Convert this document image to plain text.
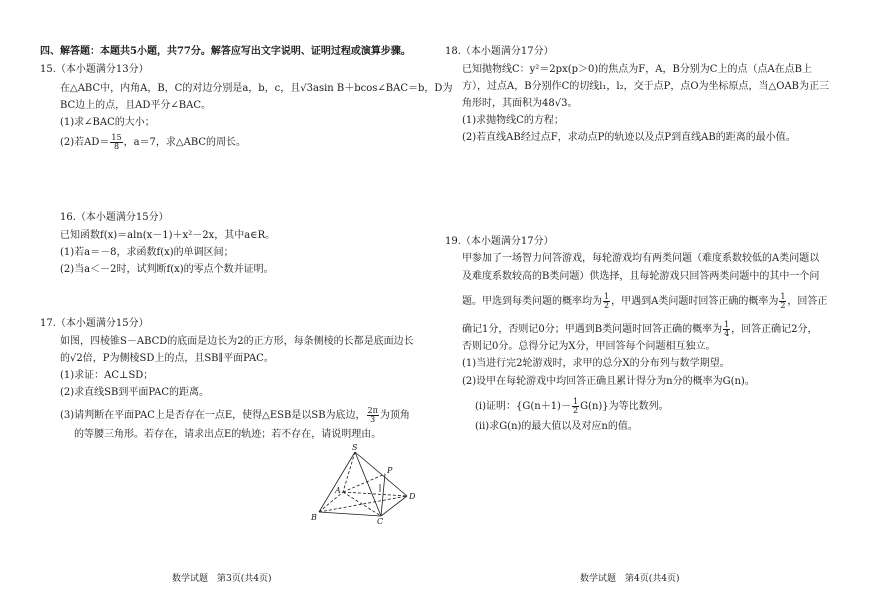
四、解答题：本题共5小题，共77分。解答应写出文字说明、证明过程或演算步骤。
15.（本小题满分13分）
在△ABC中，内角A，B，C的对边分别是a，b，c，且√3asin B＋bcos∠BAC＝b，D为
BC边上的点，且AD平分∠BAC。
(1)求∠BAC的大小；
(2)若$AD= \frac{15}{8}$ ，a＝7，求△ABC的周长。
16.（本小题满分15分）
已知函数f(x)＝aln(x－1)＋x²－2x，其中a∈R。
(1)若a＝－8，求函数f(x)的单调区间；
(2)当a＜－2时，试判断f(x)的零点个数并证明。
17.（本小题满分15分）
如图，四棱锥S－ABCD的底面是边长为2的正方形，每条侧棱的长都是底面边长
的√2倍，P为侧棱SD上的点，且SB∥平面PAC。
(1)求证：AC⊥SD；
(2)求直线SB到平面PAC的距离。
(3)请判断在平面PAC上是否存在一点E，使得△ESB是以SB为底边， $\frac{2\pi}{3}$ 为顶角
的等腰三角形。若存在，请求出点E的轨迹；若不存在，请说明理由。
S
P
A
D
B	C
数学试题　第3页(共4页)
18.（本小题满分17分）
已知抛物线C：y²＝2px(p＞0)的焦点为F，A，B分别为C上的点（点A在点B上
方），过点A，B分别作C的切线l₁，l₂，交于点P，点O为坐标原点，当△OAB为正三
角形时，其面积为48√3。
(1)求抛物线C的方程；
(2)若直线AB经过点F，求动点P的轨迹以及点P到直线AB的距离的最小值。
19.（本小题满分17分）
甲参加了一场智力问答游戏，每轮游戏均有两类问题（难度系数较低的A类问题以
及难度系数较高的B类问题）供选择，且每轮游戏只回答两类问题中的其中一个问
题。甲选到每类问题的概率均为 $\frac{1}{2}$ ，甲遇到A类问题时回答正确的概率为 $\frac{1}{2}$ ，回答正
确记1分，否则记0分；甲遇到B类问题时回答正确的概率为 $\frac{1}{4}$ ，回答正确记2分，
否则记0分。总得分记为X分，甲回答每个问题相互独立。
(1)当进行完2轮游戏时，求甲的总分X的分布列与数学期望。
(2)设甲在每轮游戏中均回答正确且累计得分为n分的概率为G(n)。
(ⅰ)证明：$\{G(n+1)- \frac{1}{2} G(n)\}$为等比数列。
(ⅱ)求G(n)的最大值以及对应n的值。
数学试题　第4页(共4页)
